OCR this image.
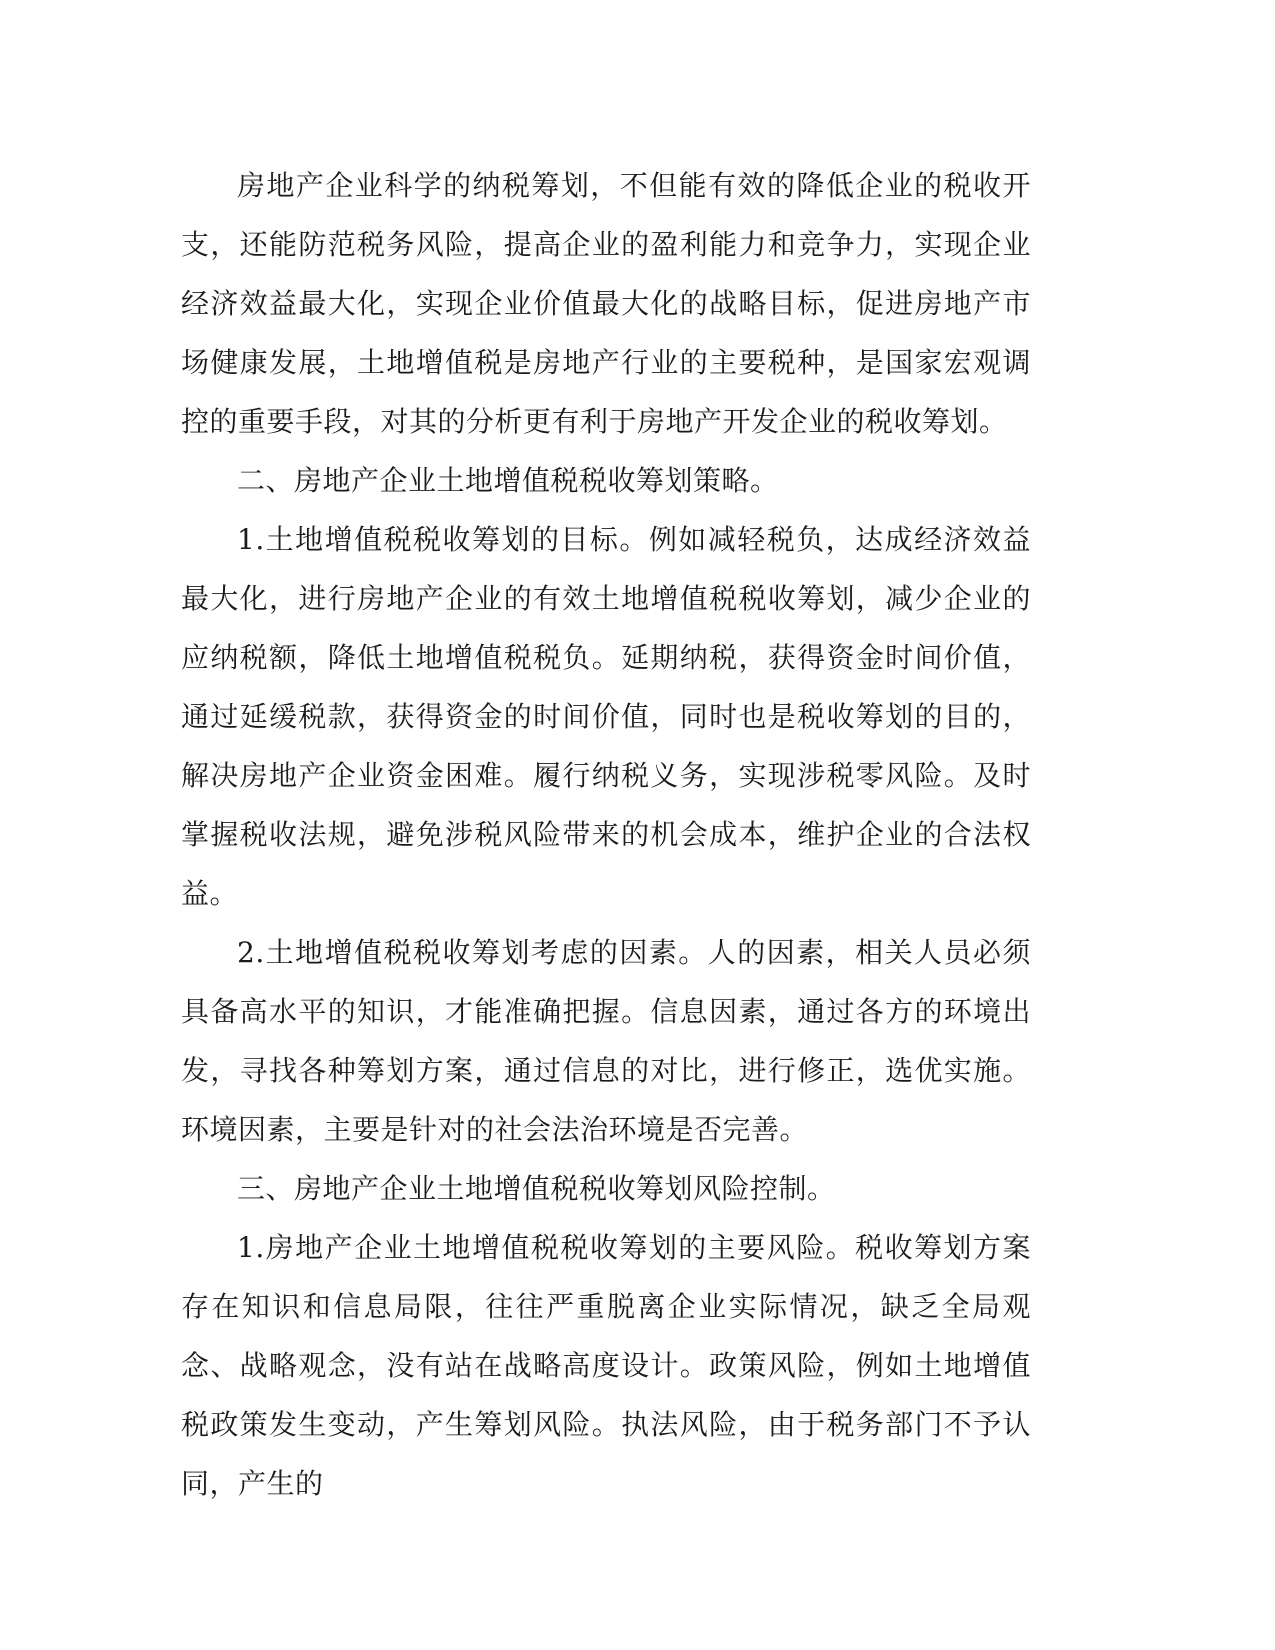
房地产企业科学的纳税筹划，不但能有效的降低企业的税收开支，还能防范税务风险，提高企业的盈利能力和竞争力，实现企业经济效益最大化，实现企业价值最大化的战略目标，促进房地产市场健康发展，土地增值税是房地产行业的主要税种，是国家宏观调控的重要手段，对其的分析更有利于房地产开发企业的税收筹划。

二、房地产企业土地增值税税收筹划策略。

1.土地增值税税收筹划的目标。例如减轻税负，达成经济效益最大化，进行房地产企业的有效土地增值税税收筹划，减少企业的应纳税额，降低土地增值税税负。延期纳税，获得资金时间价值，通过延缓税款，获得资金的时间价值，同时也是税收筹划的目的，解决房地产企业资金困难。履行纳税义务，实现涉税零风险。及时掌握税收法规，避免涉税风险带来的机会成本，维护企业的合法权益。

2.土地增值税税收筹划考虑的因素。人的因素，相关人员必须具备高水平的知识，才能准确把握。信息因素，通过各方的环境出发，寻找各种筹划方案，通过信息的对比，进行修正，选优实施。环境因素，主要是针对的社会法治环境是否完善。

三、房地产企业土地增值税税收筹划风险控制。

1.房地产企业土地增值税税收筹划的主要风险。税收筹划方案存在知识和信息局限，往往严重脱离企业实际情况，缺乏全局观念、战略观念，没有站在战略高度设计。政策风险，例如土地增值税政策发生变动，产生筹划风险。执法风险，由于税务部门不予认同，产生的
